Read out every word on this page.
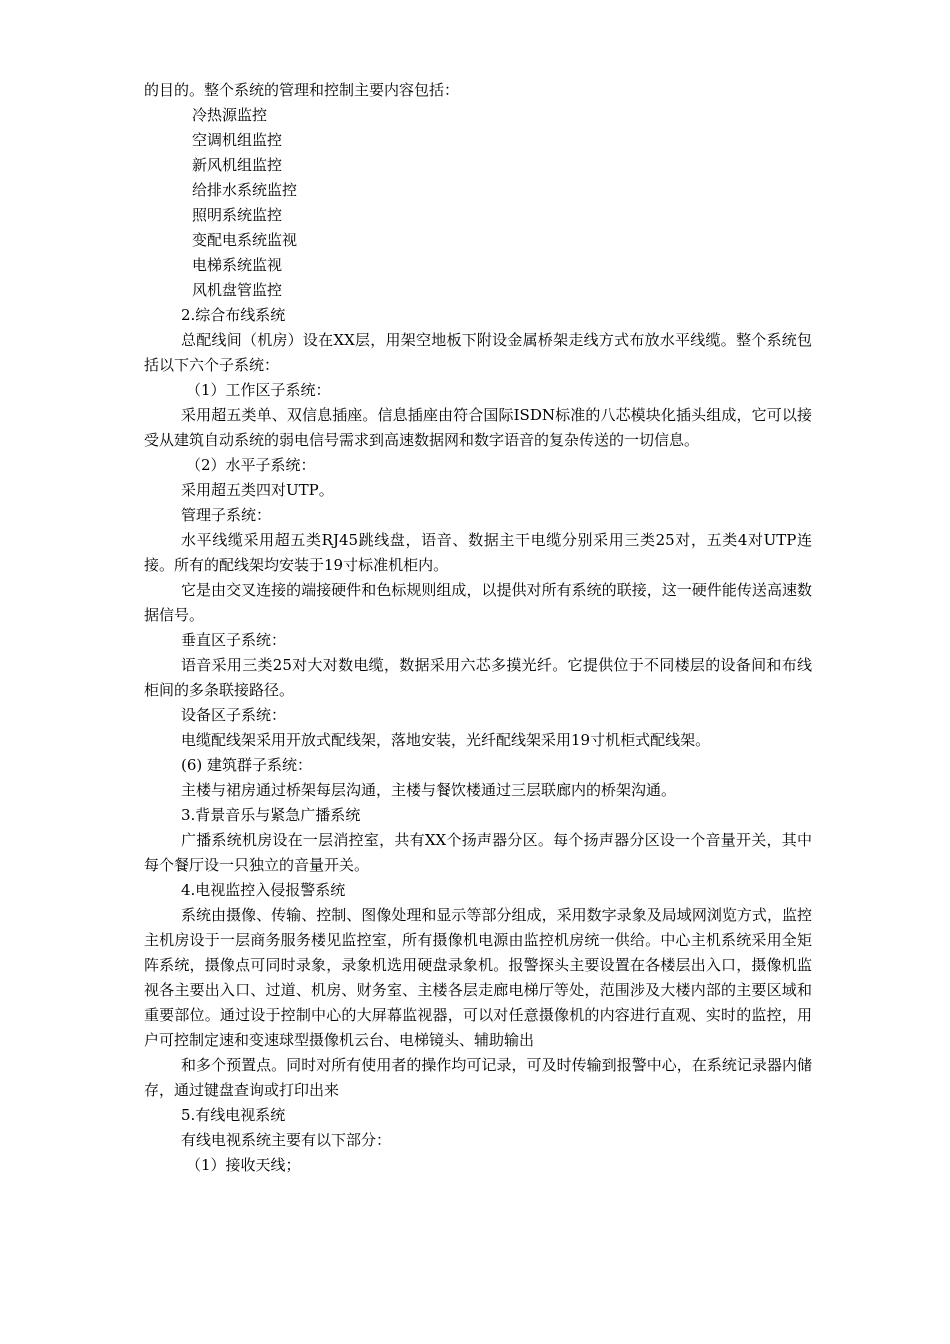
的目的。整个系统的管理和控制主要内容包括：
冷热源监控
空调机组监控
新风机组监控
给排水系统监控
照明系统监控
变配电系统监视
电梯系统监视
风机盘管监控
2.综合布线系统
总配线间（机房）设在XX层，用架空地板下附设金属桥架走线方式布放水平线缆。整个系统包括以下六个子系统：
（1）工作区子系统：
采用超五类单、双信息插座。信息插座由符合国际ISDN标准的八芯模块化插头组成，它可以接受从建筑自动系统的弱电信号需求到高速数据网和数字语音的复杂传送的一切信息。
（2）水平子系统：
采用超五类四对UTP。
管理子系统：
水平线缆采用超五类RJ45跳线盘，语音、数据主干电缆分别采用三类25对，五类4对UTP连接。所有的配线架均安装于19寸标准机柜内。
它是由交叉连接的端接硬件和色标规则组成，以提供对所有系统的联接，这一硬件能传送高速数据信号。
垂直区子系统：
语音采用三类25对大对数电缆，数据采用六芯多摸光纤。它提供位于不同楼层的设备间和布线柜间的多条联接路径。
设备区子系统：
电缆配线架采用开放式配线架，落地安装，光纤配线架采用19寸机柜式配线架。
(6) 建筑群子系统：
主楼与裙房通过桥架每层沟通，主楼与餐饮楼通过三层联廊内的桥架沟通。
3.背景音乐与紧急广播系统
广播系统机房设在一层消控室，共有XX个扬声器分区。每个扬声器分区设一个音量开关，其中每个餐厅设一只独立的音量开关。
4.电视监控入侵报警系统
系统由摄像、传输、控制、图像处理和显示等部分组成，采用数字录象及局域网浏览方式，监控主机房设于一层商务服务楼见监控室，所有摄像机电源由监控机房统一供给。中心主机系统采用全矩阵系统，摄像点可同时录象，录象机选用硬盘录象机。报警探头主要设置在各楼层出入口，摄像机监视各主要出入口、过道、机房、财务室、主楼各层走廊电梯厅等处，范围涉及大楼内部的主要区域和重要部位。通过设于控制中心的大屏幕监视器，可以对任意摄像机的内容进行直观、实时的监控，用户可控制定速和变速球型摄像机云台、电梯镜头、辅助输出
和多个预置点。同时对所有使用者的操作均可记录，可及时传输到报警中心，在系统记录器内储存，通过键盘查询或打印出来
5.有线电视系统
有线电视系统主要有以下部分：
（1）接收天线；
